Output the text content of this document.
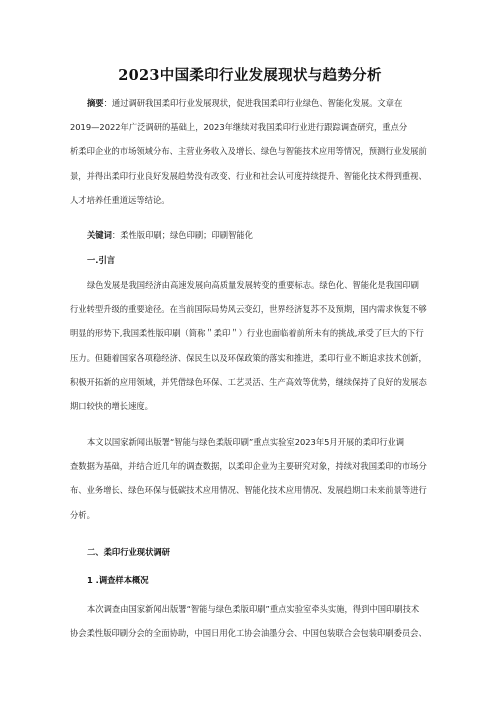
2023中国柔印行业发展现状与趋势分析
摘要：通过调研我国柔印行业发展现状，促进我国柔印行业绿色、智能化发展。文章在
2019—2022年广泛调研的基础上，2023年继续对我国柔印行业进行跟踪调查研究，重点分
析柔印企业的市场领域分布、主营业务收入及增长、绿色与智能技术应用等情况，预测行业发展前
景，并得出柔印行业良好发展趋势没有改变、行业和社会认可度持续提升、智能化技术得到重视、
人才培养任重道远等结论。
关键词：柔性版印刷；绿色印刷；印刷智能化
一.引言
绿色发展是我国经济由高速发展向高质量发展转变的重要标志。绿色化、智能化是我国印刷
行业转型升级的重要途径。在当前国际局势风云变幻，世界经济复苏不及预期，国内需求恢复不够
明显的形势下,我国柔性版印刷（简称＂柔印＂）行业也面临着前所未有的挑战,承受了巨大的下行
压力。但随着国家各项稳经济、保民生以及环保政策的落实和推进，柔印行业不断追求技术创新，
积极开拓新的应用领域，并凭借绿色环保、工艺灵活、生产高效等优势，继续保持了良好的发展态
期口较快的增长速度。
本文以国家新闻出版署“智能与绿色柔版印刷”重点实验室2023年5月开展的柔印行业调
查数据为基础，并结合近几年的调查数据，以柔印企业为主要研究对象，持续对我国柔印的市场分
布、业务增长、绿色环保与低碳技术应用情况、智能化技术应用情况、发展趋期口未来前景等进行
分析。
二、柔印行业现状调研
1 .调查样本概况
本次调查由国家新闻出版署“智能与绿色柔版印刷”重点实验室牵头实施，得到中国印刷技术
协会柔性版印刷分会的全面协助，中国日用化工协会油墨分会、中国包装联合会包装印刷委员会、
